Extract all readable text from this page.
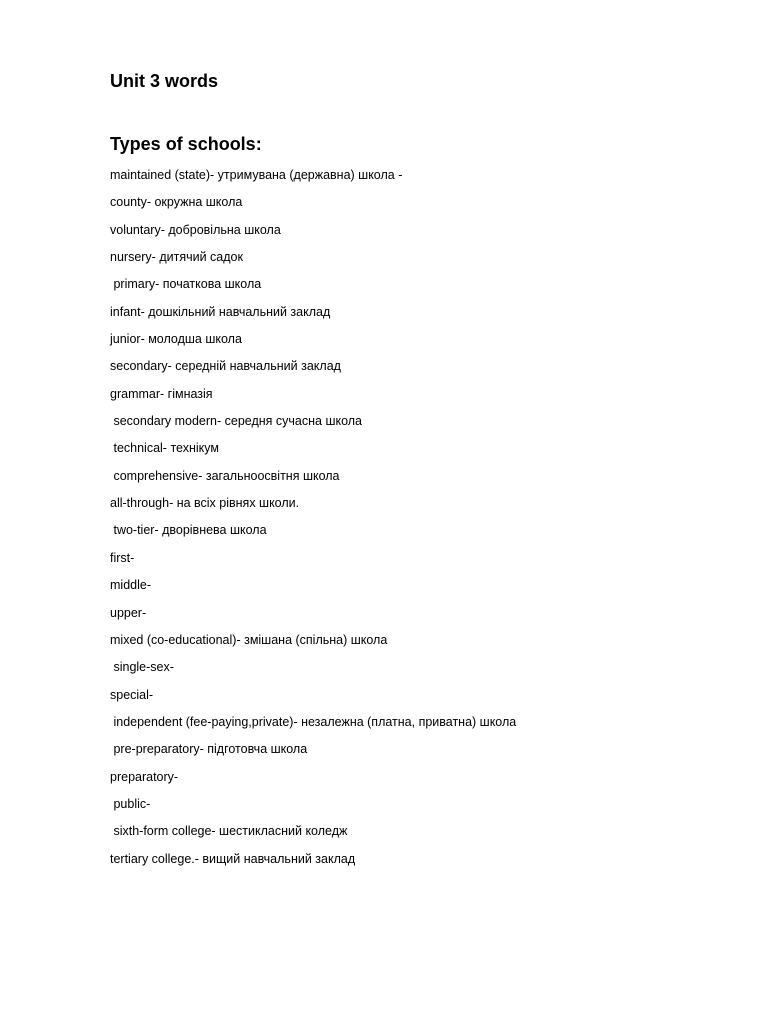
Unit 3 words
Types of schools:
maintained (state)- утримувана (державна) школа -
county- окружна школа
voluntary- добровільна школа
nursery- дитячий садок
primary- початкова школа
infant- дошкільний навчальний заклад
junior- молодша школа
secondary- середній навчальний заклад
grammar- гімназія
secondary modern- середня сучасна школа
technical- технікум
comprehensive- загальноосвітня школа
all-through- на всіх рівнях школи.
two-tier- дворівнева школа
first-
middle-
upper-
mixed (co-educational)- змішана (спільна) школа
single-sex-
special-
independent (fee-paying,private)- незалежна (платна, приватна) школа
pre-preparatory- підготовча школа
preparatory-
public-
sixth-form college- шестикласний коледж
tertiary college.- вищий навчальний заклад
